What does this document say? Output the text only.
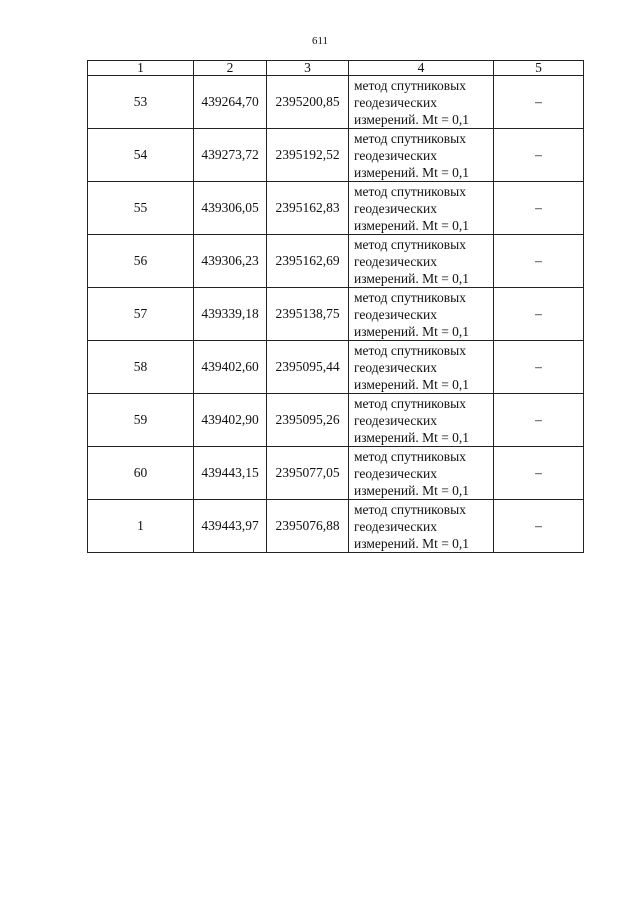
611
1	2	3	4	5
53	439264,70	2395200,85	метод спутниковых
геодезических
измерений. Mt = 0,1	–
54	439273,72	2395192,52	метод спутниковых
геодезических
измерений. Mt = 0,1	–
55	439306,05	2395162,83	метод спутниковых
геодезических
измерений. Mt = 0,1	–
56	439306,23	2395162,69	метод спутниковых
геодезических
измерений. Mt = 0,1	–
57	439339,18	2395138,75	метод спутниковых
геодезических
измерений. Mt = 0,1	–
58	439402,60	2395095,44	метод спутниковых
геодезических
измерений. Mt = 0,1	–
59	439402,90	2395095,26	метод спутниковых
геодезических
измерений. Mt = 0,1	–
60	439443,15	2395077,05	метод спутниковых
геодезических
измерений. Mt = 0,1	–
1	439443,97	2395076,88	метод спутниковых
геодезических
измерений. Mt = 0,1	–
